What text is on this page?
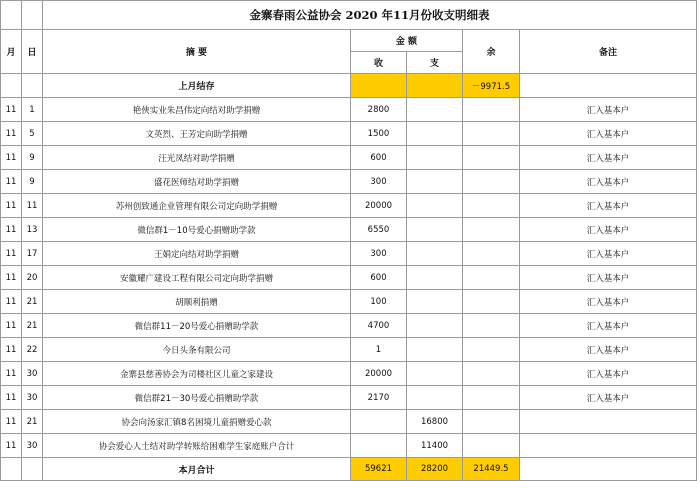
		金寨春雨公益协会 2020 年11月份收支明细表				
月	日	摘 要	金 额		余	备注
			收	支		
		上月结存			－9971.5	
11	1	艳俠实业朱昌伟定向结对助学捐赠	2800			汇入基本户
11	5	文英烈、王芳定向助学捐赠	1500			汇入基本户
11	9	汪光凤结对助学捐赠	600			汇入基本户
11	9	盛花医师结对助学捐赠	300			汇入基本户
11	11	苏州创致通企业管理有限公司定向助学捐赠	20000			汇入基本户
11	13	微信群1－10号爱心捐赠助学款	6550			汇入基本户
11	17	王娟定向结对助学捐赠	300			汇入基本户
11	20	安徽耀广建设工程有限公司定向助学捐赠	600			汇入基本户
11	21	胡顺利捐赠	100			汇入基本户
11	21	微信群11－20号爱心捐赠助学款	4700			汇入基本户
11	22	今日头条有限公司	1			汇入基本户
11	30	金寨县慈善协会为司楼社区儿童之家建设	20000			汇入基本户
11	30	微信群21－30号爱心捐赠助学款	2170			汇入基本户
11	21	协会向汤家汇镇8名困境儿童捐赠爱心款		16800		
11	30	协会爱心人士结对助学转账给困难学生家庭账户合计		11400		
		本月合计	59621	28200	21449.5	
